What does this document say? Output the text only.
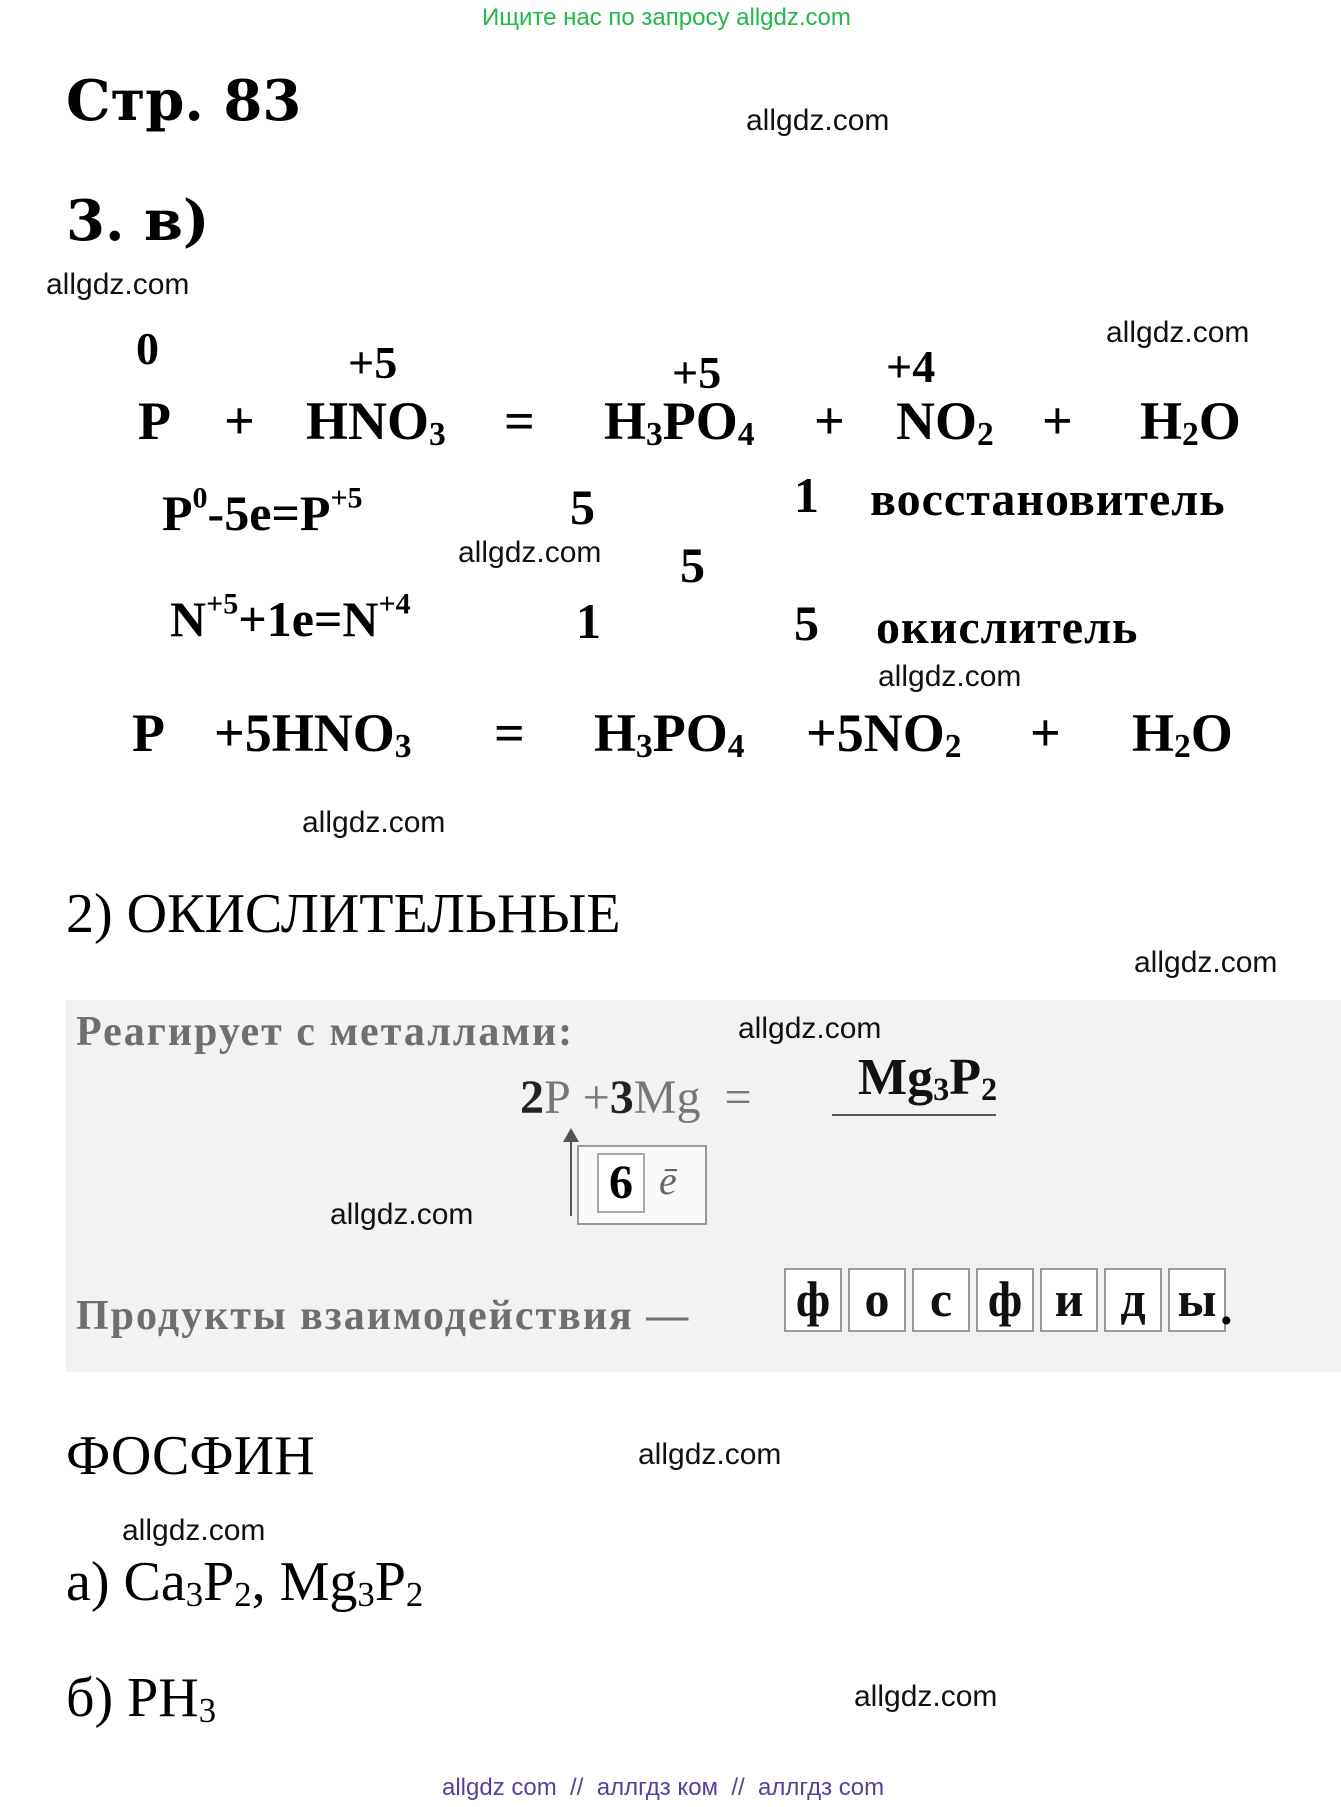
Ищите нас по запросу allgdz.com
Стр. 83
3. в)
allgdz.com
allgdz.com
allgdz.com
allgdz.com
allgdz.com
allgdz.com
allgdz.com
allgdz.com
allgdz.com
allgdz.com
0	+5	+5	+4
$P + HNO_3 = H_3PO_4 + NO_2 + H_2O$
$P^0-5e=P^{+5}$	5	1 восстановитель
5
$N^{+5}+1e=N^{+4}$	1	5 окислитель
$P +5HNO_3 = H_3PO_4 +5NO_2 + H_2O$
2) ОКИСЛИТЕЛЬНЫЕ

allgdz.com
Реагирует с металлами:
$2P +3Mg = Mg_3P_2$
6 ē
allgdz.com
Продукты взаимодействия — ф о с ф и д ы .
ФОСФИН
а) $Ca_3P_2$, $Mg_3P_2$
б) $PH_3$
allgdz com  //  аллгдз ком  //  аллгдз com
